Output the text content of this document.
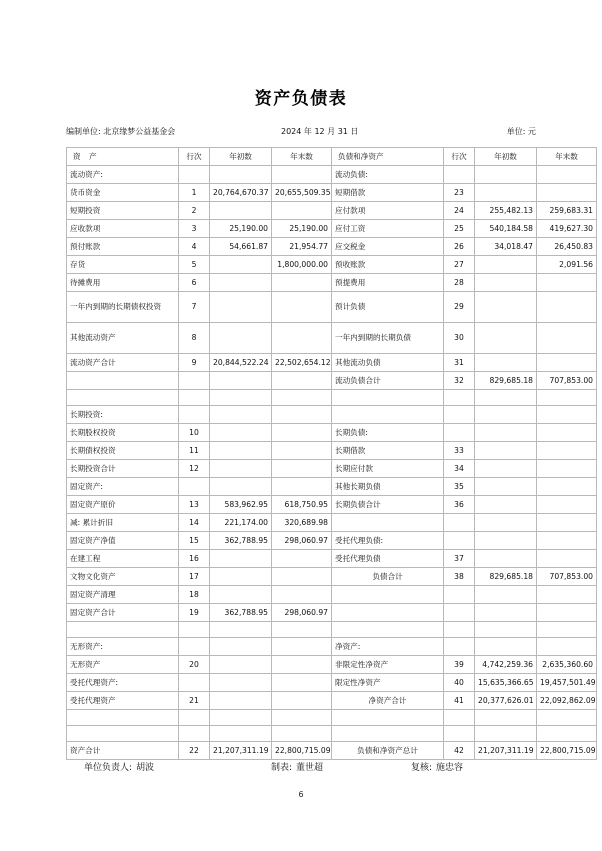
资产负债表
编制单位: 北京缘梦公益基金会	2024 年 12 月 31 日	单位: 元
资 产	行次	年初数	年末数	负债和净资产	行次	年初数	年末数
流动资产:				流动负债:			
货币资金	1	20,764,670.37	20,655,509.35	短期借款	23		
短期投资	2			应付款项	24	255,482.13	259,683.31
应收款项	3	25,190.00	25,190.00	应付工资	25	540,184.58	419,627.30
预付账款	4	54,661.87	21,954.77	应交税金	26	34,018.47	26,450.83
存货	5		1,800,000.00	预收账款	27		2,091.56
待摊费用	6			预提费用	28		
一年内到期的长期债权投资	7			预计负债	29		
其他流动资产	8			一年内到期的长期负债	30		
流动资产合计	9	20,844,522.24	22,502,654.12	其他流动负债	31		
				流动负债合计	32	829,685.18	707,853.00

长期投资:							
长期股权投资	10			长期负债:			
长期债权投资	11			长期借款	33		
长期投资合计	12			长期应付款	34		
固定资产:				其他长期负债	35		
固定资产原价	13	583,962.95	618,750.95	长期负债合计	36		
减: 累计折旧	14	221,174.00	320,689.98				
固定资产净值	15	362,788.95	298,060.97	受托代理负债:			
在建工程	16			受托代理负债	37		
文物文化资产	17			负债合计	38	829,685.18	707,853.00
固定资产清理	18						
固定资产合计	19	362,788.95	298,060.97				

无形资产:				净资产:			
无形资产	20			非限定性净资产	39	4,742,259.36	2,635,360.60
受托代理资产:				限定性净资产	40	15,635,366.65	19,457,501.49
受托代理资产	21			净资产合计	41	20,377,626.01	22,092,862.09

资产合计	22	21,207,311.19	22,800,715.09	负债和净资产总计	42	21,207,311.19	22,800,715.09
单位负责人: 胡波	制表: 董世超	复核: 施忠容
6
